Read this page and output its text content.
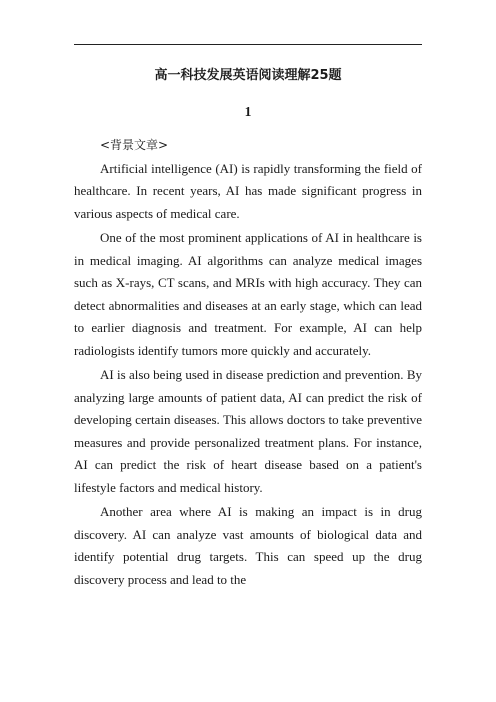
高一科技发展英语阅读理解25题
1
<背景文章>

Artificial intelligence (AI) is rapidly transforming the field of healthcare. In recent years, AI has made significant progress in various aspects of medical care.

One of the most prominent applications of AI in healthcare is in medical imaging. AI algorithms can analyze medical images such as X-rays, CT scans, and MRIs with high accuracy. They can detect abnormalities and diseases at an early stage, which can lead to earlier diagnosis and treatment. For example, AI can help radiologists identify tumors more quickly and accurately.

AI is also being used in disease prediction and prevention. By analyzing large amounts of patient data, AI can predict the risk of developing certain diseases. This allows doctors to take preventive measures and provide personalized treatment plans. For instance, AI can predict the risk of heart disease based on a patient's lifestyle factors and medical history.

Another area where AI is making an impact is in drug discovery. AI can analyze vast amounts of biological data and identify potential drug targets. This can speed up the drug discovery process and lead to the
